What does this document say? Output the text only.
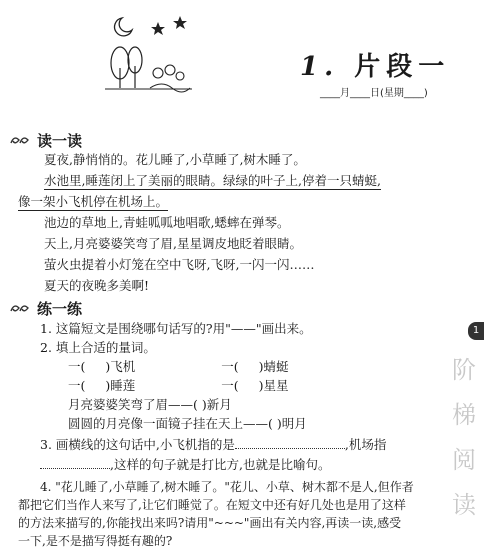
1. 片段一
____月____日(星期____)
读一读
夏夜,静悄悄的。花儿睡了,小草睡了,树木睡了。
水池里,睡莲闭上了美丽的眼睛。绿绿的叶子上,停着一只蜻蜓,
像一架小飞机停在机场上。
池边的草地上,青蛙呱呱地唱歌,蟋蟀在弹琴。
天上,月亮婆婆笑弯了眉,星星调皮地眨着眼睛。
萤火虫提着小灯笼在空中飞呀,飞呀,一闪一闪……
夏天的夜晚多美啊!
练一练
1. 这篇短文是围绕哪句话写的?用"——"画出来。
2. 填上合适的量词。
一( )飞机	一( )蜻蜓
一( )睡莲	一( )星星
月亮婆婆笑弯了眉——( )新月
圆圆的月亮像一面镜子挂在天上——( )明月
3. 画横线的这句话中,小飞机指的是	,机场指
,这样的句子就是打比方,也就是比喻句。
4. "花儿睡了,小草睡了,树木睡了。"花儿、小草、树木都不是人,但作者
都把它们当作人来写了,让它们睡觉了。在短文中还有好几处也是用了这样
的方法来描写的,你能找出来吗?请用"~~~"画出有关内容,再读一读,感受
一下,是不是描写得挺有趣的?
1
阶
梯
阅
读
